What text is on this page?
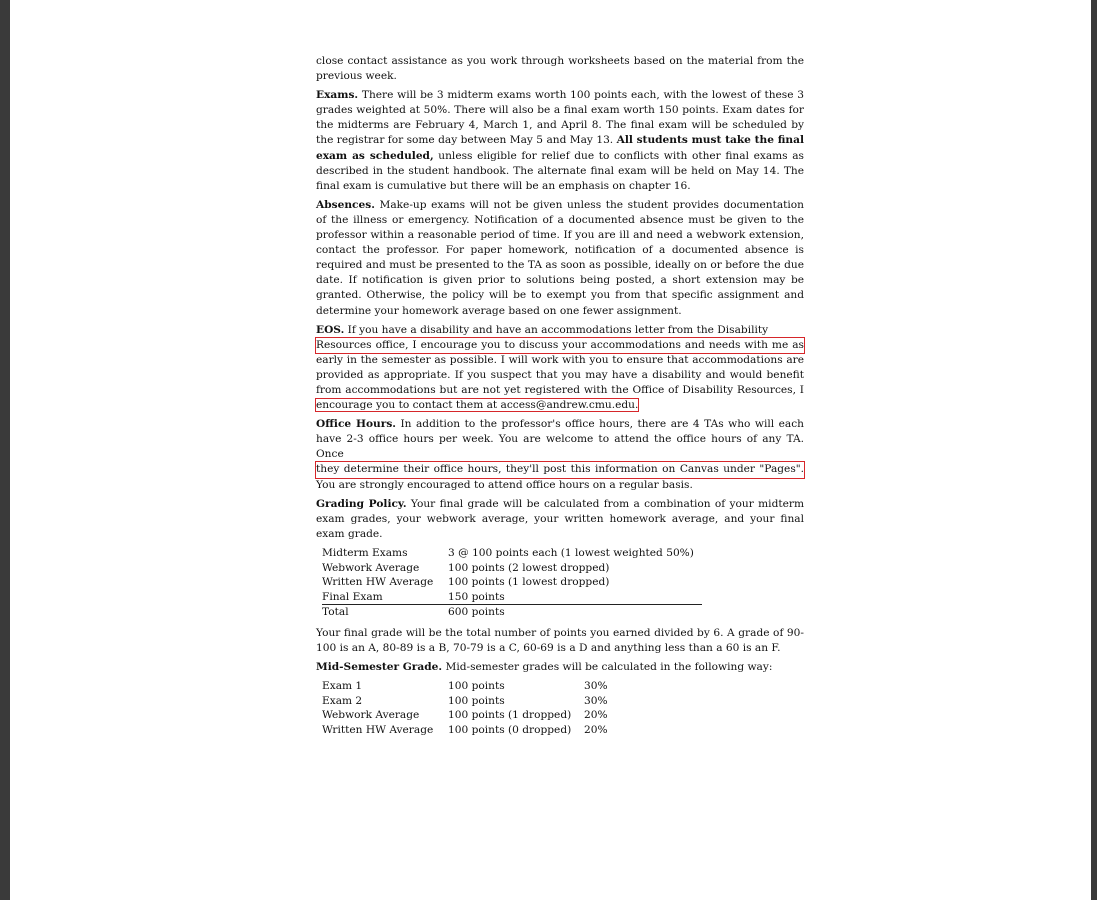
close contact assistance as you work through worksheets based on the material from the previous week.

Exams. There will be 3 midterm exams worth 100 points each, with the lowest of these 3 grades weighted at 50%. There will also be a final exam worth 150 points. Exam dates for the midterms are February 4, March 1, and April 8. The final exam will be scheduled by the registrar for some day between May 5 and May 13. All students must take the final exam as scheduled, unless eligible for relief due to conflicts with other final exams as described in the student handbook. The alternate final exam will be held on May 14. The final exam is cumulative but there will be an emphasis on chapter 16.

Absences. Make-up exams will not be given unless the student provides documentation of the illness or emergency. Notification of a documented absence must be given to the professor within a reasonable period of time. If you are ill and need a webwork extension, contact the professor. For paper homework, notification of a documented absence is required and must be presented to the TA as soon as possible, ideally on or before the due date. If notification is given prior to solutions being posted, a short extension may be granted. Otherwise, the policy will be to exempt you from that specific assignment and determine your homework average based on one fewer assignment.

EOS. If you have a disability and have an accommodations letter from the Disability
Resources office, I encourage you to discuss your accommodations and needs with me as
early in the semester as possible. I will work with you to ensure that accommodations are provided as appropriate. If you suspect that you may have a disability and would benefit from accommodations but are not yet registered with the Office of Disability Resources, I encourage you to contact them at access@andrew.cmu.edu.

Office Hours. In addition to the professor's office hours, there are 4 TAs who will each have 2-3 office hours per week. You are welcome to attend the office hours of any TA. Once
they determine their office hours, they'll post this information on Canvas under "Pages".
You are strongly encouraged to attend office hours on a regular basis.

Grading Policy. Your final grade will be calculated from a combination of your midterm exam grades, your webwork average, your written homework average, and your final exam grade.

Midterm Exams	3 @ 100 points each (1 lowest weighted 50%)
Webwork Average	100 points (2 lowest dropped)
Written HW Average	100 points (1 lowest dropped)
Final Exam	150 points
Total	600 points

Your final grade will be the total number of points you earned divided by 6. A grade of 90-100 is an A, 80-89 is a B, 70-79 is a C, 60-69 is a D and anything less than a 60 is an F.

Mid-Semester Grade. Mid-semester grades will be calculated in the following way:

Exam 1	100 points	30%
Exam 2	100 points	30%
Webwork Average	100 points (1 dropped)	20%
Written HW Average	100 points (0 dropped)	20%
